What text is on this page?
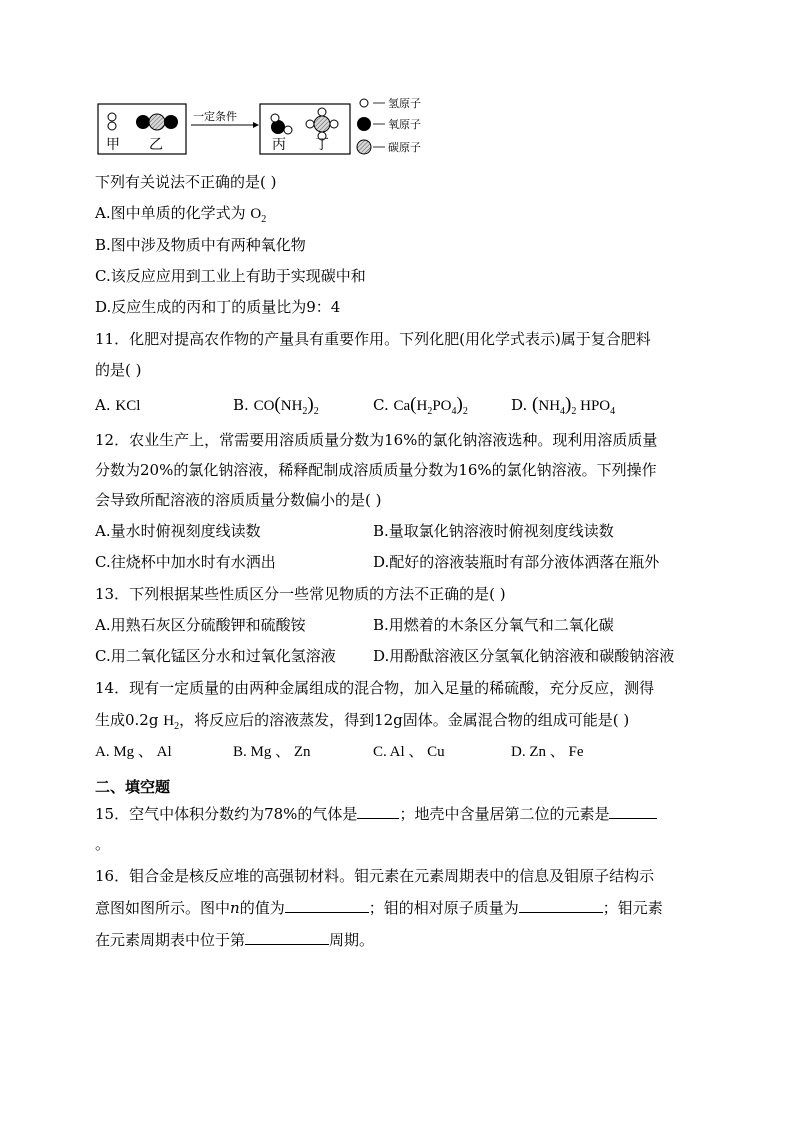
甲 乙
一定条件
丙 丁
氢原子
氧原子
碳原子
下列有关说法不正确的是( )
A.图中单质的化学式为 $O_2$
B.图中涉及物质中有两种氧化物
C.该反应应用到工业上有助于实现碳中和
D.反应生成的丙和丁的质量比为9：4
11．化肥对提高农作物的产量具有重要作用。下列化肥(用化学式表示)属于复合肥料
的是( )
A. KCl	B. $CO(NH_2)_2$	C. $Ca(H_2PO_4)_2$	D. $(NH_4)_2$ $HPO_4$
12．农业生产上，常需要用溶质质量分数为16%的氯化钠溶液选种。现利用溶质质量
分数为20%的氯化钠溶液，稀释配制成溶质质量分数为16%的氯化钠溶液。下列操作
会导致所配溶液的溶质质量分数偏小的是( )
A.量水时俯视刻度线读数	B.量取氯化钠溶液时俯视刻度线读数
C.往烧杯中加水时有水洒出	D.配好的溶液装瓶时有部分液体洒落在瓶外
13．下列根据某些性质区分一些常见物质的方法不正确的是( )
A.用熟石灰区分硫酸钾和硫酸铵	B.用燃着的木条区分氧气和二氧化碳
C.用二氧化锰区分水和过氧化氢溶液 D.用酚酞溶液区分氢氧化钠溶液和碳酸钠溶液
14．现有一定质量的由两种金属组成的混合物，加入足量的稀硫酸，充分反应，测得
生成0.2g $H_2$，将反应后的溶液蒸发，得到12g固体。金属混合物的组成可能是( )
A. Mg 、 Al	B. Mg 、 Zn	C. Al 、 Cu	D. Zn 、 Fe
二、填空题
15．空气中体积分数约为78%的气体是	；地壳中含量居第二位的元素是
。
16．钼合金是核反应堆的高强韧材料。钼元素在元素周期表中的信息及钼原子结构示
意图如图所示。图中n的值为	；钼的相对原子质量为	；钼元素
在元素周期表中位于第	周期。
